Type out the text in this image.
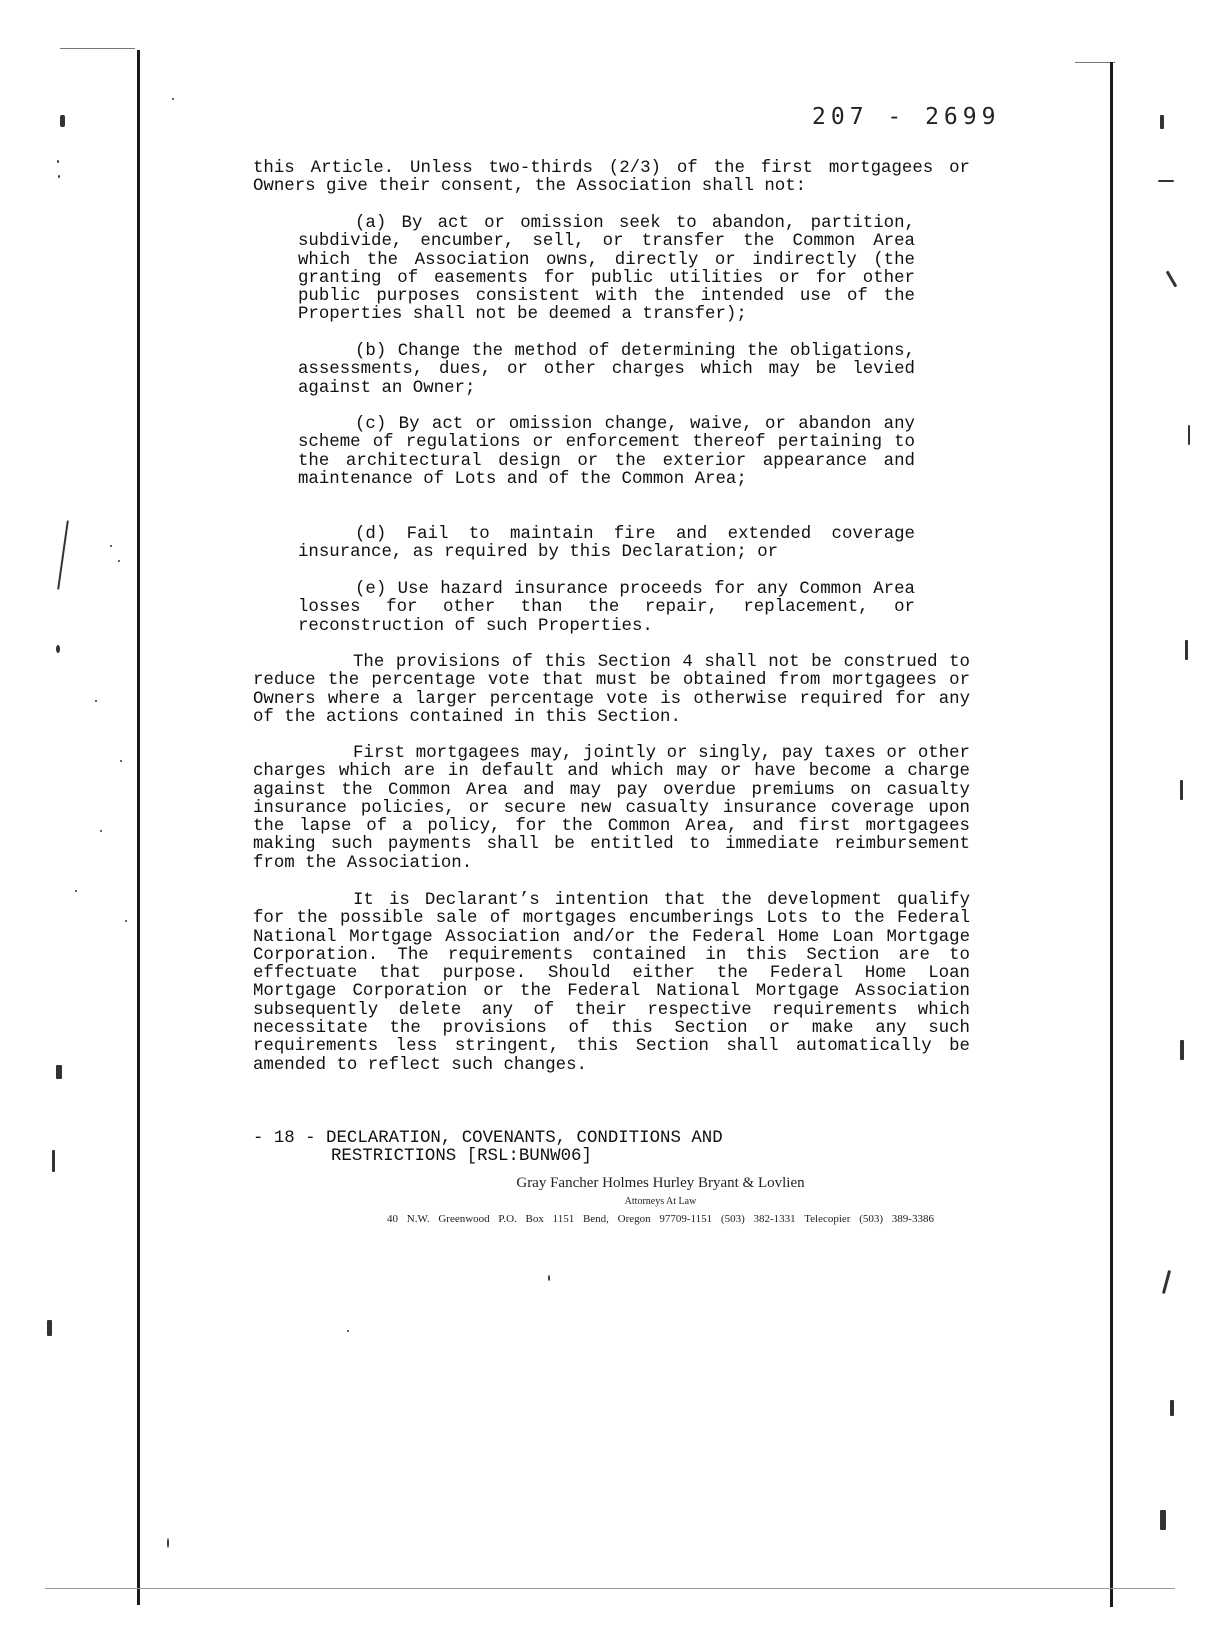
207 - 2699
this Article. Unless two-thirds (2/3) of the first mortgagees or Owners give their consent, the Association shall not:
(a) By act or omission seek to abandon, partition, subdivide, encumber, sell, or transfer the Common Area which the Association owns, directly or indirectly (the granting of easements for public utilities or for other public purposes consistent with the intended use of the Properties shall not be deemed a transfer);
(b) Change the method of determining the obligations, assessments, dues, or other charges which may be levied against an Owner;
(c) By act or omission change, waive, or abandon any scheme of regulations or enforcement thereof pertaining to the architectural design or the exterior appearance and maintenance of Lots and of the Common Area;
(d) Fail to maintain fire and extended coverage insurance, as required by this Declaration; or
(e) Use hazard insurance proceeds for any Common Area losses for other than the repair, replacement, or reconstruction of such Properties.
The provisions of this Section 4 shall not be construed to reduce the percentage vote that must be obtained from mortgagees or Owners where a larger percentage vote is otherwise required for any of the actions contained in this Section.
First mortgagees may, jointly or singly, pay taxes or other charges which are in default and which may or have become a charge against the Common Area and may pay overdue premiums on casualty insurance policies, or secure new casualty insurance coverage upon the lapse of a policy, for the Common Area, and first mortgagees making such payments shall be entitled to immediate reimbursement from the Association.
It is Declarant’s intention that the development qualify for the possible sale of mortgages encumberings Lots to the Federal National Mortgage Association and/or the Federal Home Loan Mortgage Corporation. The requirements contained in this Section are to effectuate that purpose. Should either the Federal Home Loan Mortgage Corporation or the Federal National Mortgage Association subsequently delete any of their respective requirements which necessitate the provisions of this Section or make any such requirements less stringent, this Section shall automatically be amended to reflect such changes.
- 18 - DECLARATION, COVENANTS, CONDITIONS AND
RESTRICTIONS [RSL:BUNW06]
Gray Fancher Holmes Hurley Bryant & Lovlien
Attorneys At Law
40 N.W. Greenwood P.O. Box 1151 Bend, Oregon 97709-1151 (503) 382-1331 Telecopier (503) 389-3386
